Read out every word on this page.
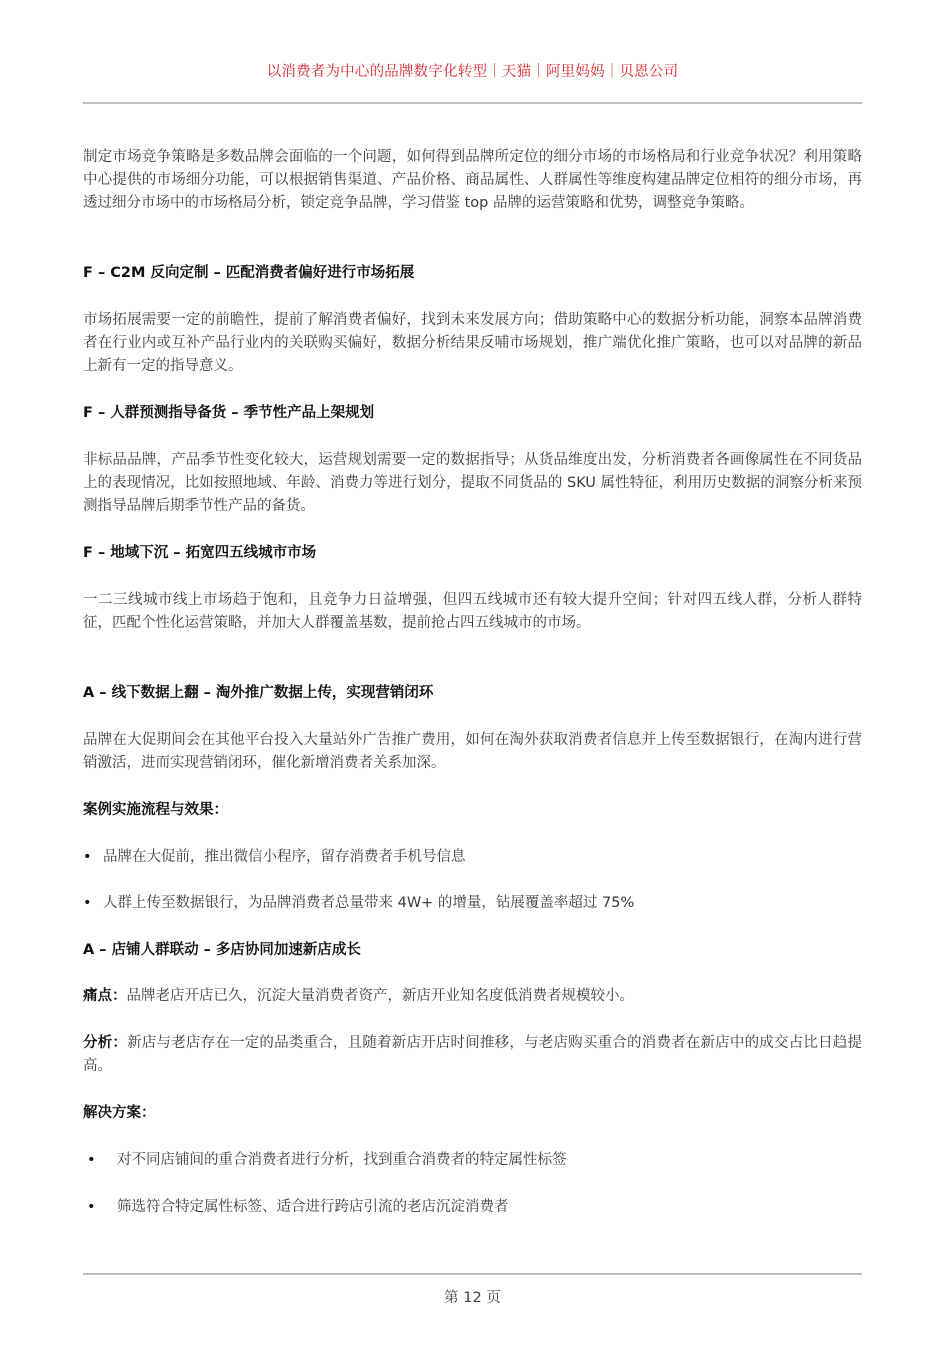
以消费者为中心的品牌数字化转型｜天猫｜阿里妈妈｜贝恩公司

制定市场竞争策略是多数品牌会面临的一个问题，如何得到品牌所定位的细分市场的市场格局和行业竞争状况？利用策略中心提供的市场细分功能，可以根据销售渠道、产品价格、商品属性、人群属性等维度构建品牌定位相符的细分市场，再透过细分市场中的市场格局分析，锁定竞争品牌，学习借鉴 top 品牌的运营策略和优势，调整竞争策略。

F – C2M 反向定制 – 匹配消费者偏好进行市场拓展

市场拓展需要一定的前瞻性，提前了解消费者偏好，找到未来发展方向；借助策略中心的数据分析功能，洞察本品牌消费者在行业内或互补产品行业内的关联购买偏好，数据分析结果反哺市场规划，推广端优化推广策略，也可以对品牌的新品上新有一定的指导意义。

F – 人群预测指导备货 – 季节性产品上架规划

非标品品牌，产品季节性变化较大，运营规划需要一定的数据指导；从货品维度出发，分析消费者各画像属性在不同货品上的表现情况，比如按照地域、年龄、消费力等进行划分，提取不同货品的 SKU 属性特征，利用历史数据的洞察分析来预测指导品牌后期季节性产品的备货。

F – 地域下沉 – 拓宽四五线城市市场

一二三线城市线上市场趋于饱和，且竞争力日益增强，但四五线城市还有较大提升空间；针对四五线人群，分析人群特征，匹配个性化运营策略，并加大人群覆盖基数，提前抢占四五线城市的市场。

A – 线下数据上翻 – 淘外推广数据上传，实现营销闭环

品牌在大促期间会在其他平台投入大量站外广告推广费用，如何在淘外获取消费者信息并上传至数据银行，在淘内进行营销激活，进而实现营销闭环，催化新增消费者关系加深。

案例实施流程与效果：

• 品牌在大促前，推出微信小程序，留存消费者手机号信息
• 人群上传至数据银行，为品牌消费者总量带来 4W+ 的增量，钻展覆盖率超过 75%

A – 店铺人群联动 – 多店协同加速新店成长

痛点：品牌老店开店已久，沉淀大量消费者资产，新店开业知名度低消费者规模较小。

分析：新店与老店存在一定的品类重合，且随着新店开店时间推移，与老店购买重合的消费者在新店中的成交占比日趋提高。

解决方案：

• 对不同店铺间的重合消费者进行分析，找到重合消费者的特定属性标签
• 筛选符合特定属性标签、适合进行跨店引流的老店沉淀消费者
第 12 页
